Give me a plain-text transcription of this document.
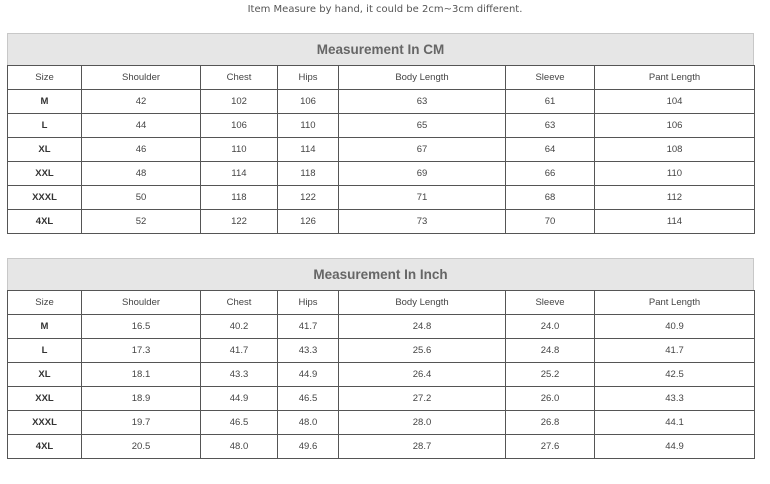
Item Measure by hand, it could be 2cm~3cm different.
Measurement In CM
Size	Shoulder	Chest	Hips	Body Length	Sleeve	Pant Length
M	42	102	106	63	61	104
L	44	106	110	65	63	106
XL	46	110	114	67	64	108
XXL	48	114	118	69	66	110
XXXL	50	118	122	71	68	112
4XL	52	122	126	73	70	114
Measurement In Inch
Size	Shoulder	Chest	Hips	Body Length	Sleeve	Pant Length
M	16.5	40.2	41.7	24.8	24.0	40.9
L	17.3	41.7	43.3	25.6	24.8	41.7
XL	18.1	43.3	44.9	26.4	25.2	42.5
XXL	18.9	44.9	46.5	27.2	26.0	43.3
XXXL	19.7	46.5	48.0	28.0	26.8	44.1
4XL	20.5	48.0	49.6	28.7	27.6	44.9
